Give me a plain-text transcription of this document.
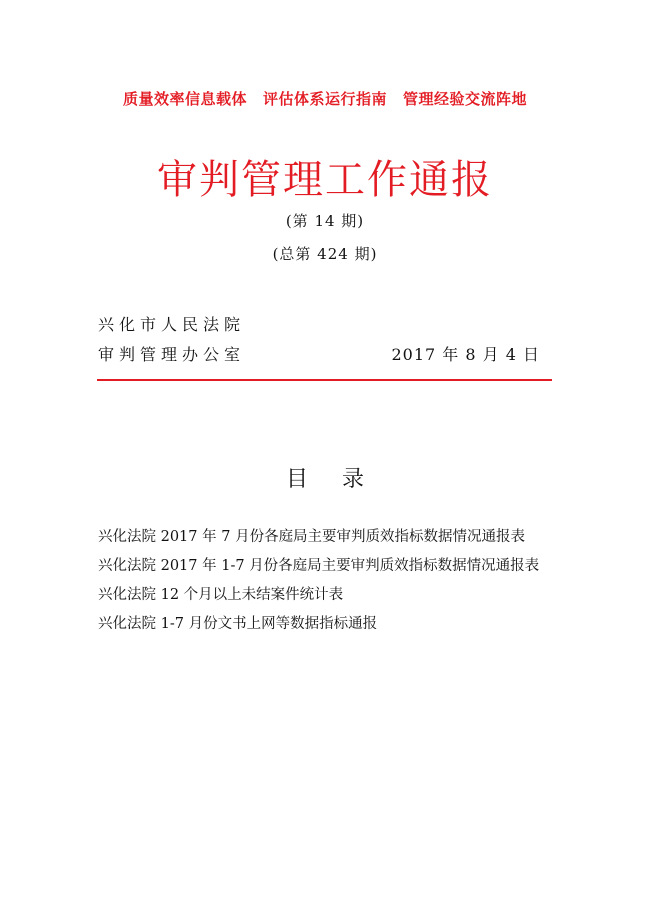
质量效率信息载体 评估体系运行指南 管理经验交流阵地
审判管理工作通报
(第 14 期)
(总第 424 期)
兴化市人民法院
审判管理办公室	2017 年 8 月 4 日
目 录
兴化法院 2017 年 7 月份各庭局主要审判质效指标数据情况通报表
兴化法院 2017 年 1-7 月份各庭局主要审判质效指标数据情况通报表
兴化法院 12 个月以上未结案件统计表
兴化法院 1-7 月份文书上网等数据指标通报
